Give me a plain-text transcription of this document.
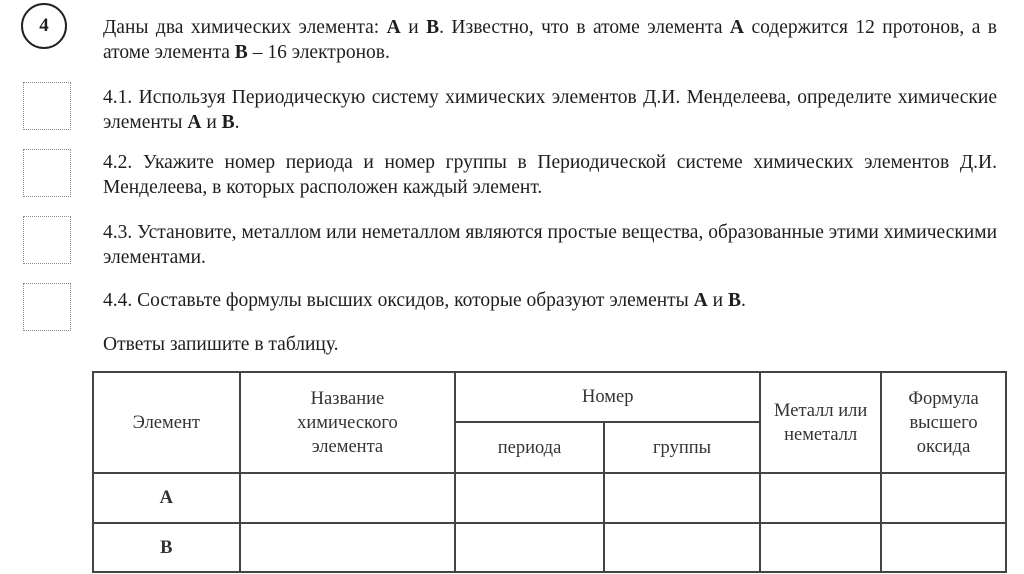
4	Даны два химических элемента: А и В. Известно, что в атоме элемента А содержится 12 протонов, а в атоме элемента В – 16 электронов.
4.1. Используя Периодическую систему химических элементов Д.И. Менделеева, определите химические элементы А и В.
4.2. Укажите номер периода и номер группы в Периодической системе химических элементов Д.И. Менделеева, в которых расположен каждый элемент.
4.3. Установите, металлом или неметаллом являются простые вещества, образованные этими химическими элементами.
4.4. Составьте формулы высших оксидов, которые образуют элементы А и В.
Ответы запишите в таблицу.
Элемент	Название химического элемента	Номер		Металл или неметалл	Формула высшего оксида
		периода	группы		
А					
В					
